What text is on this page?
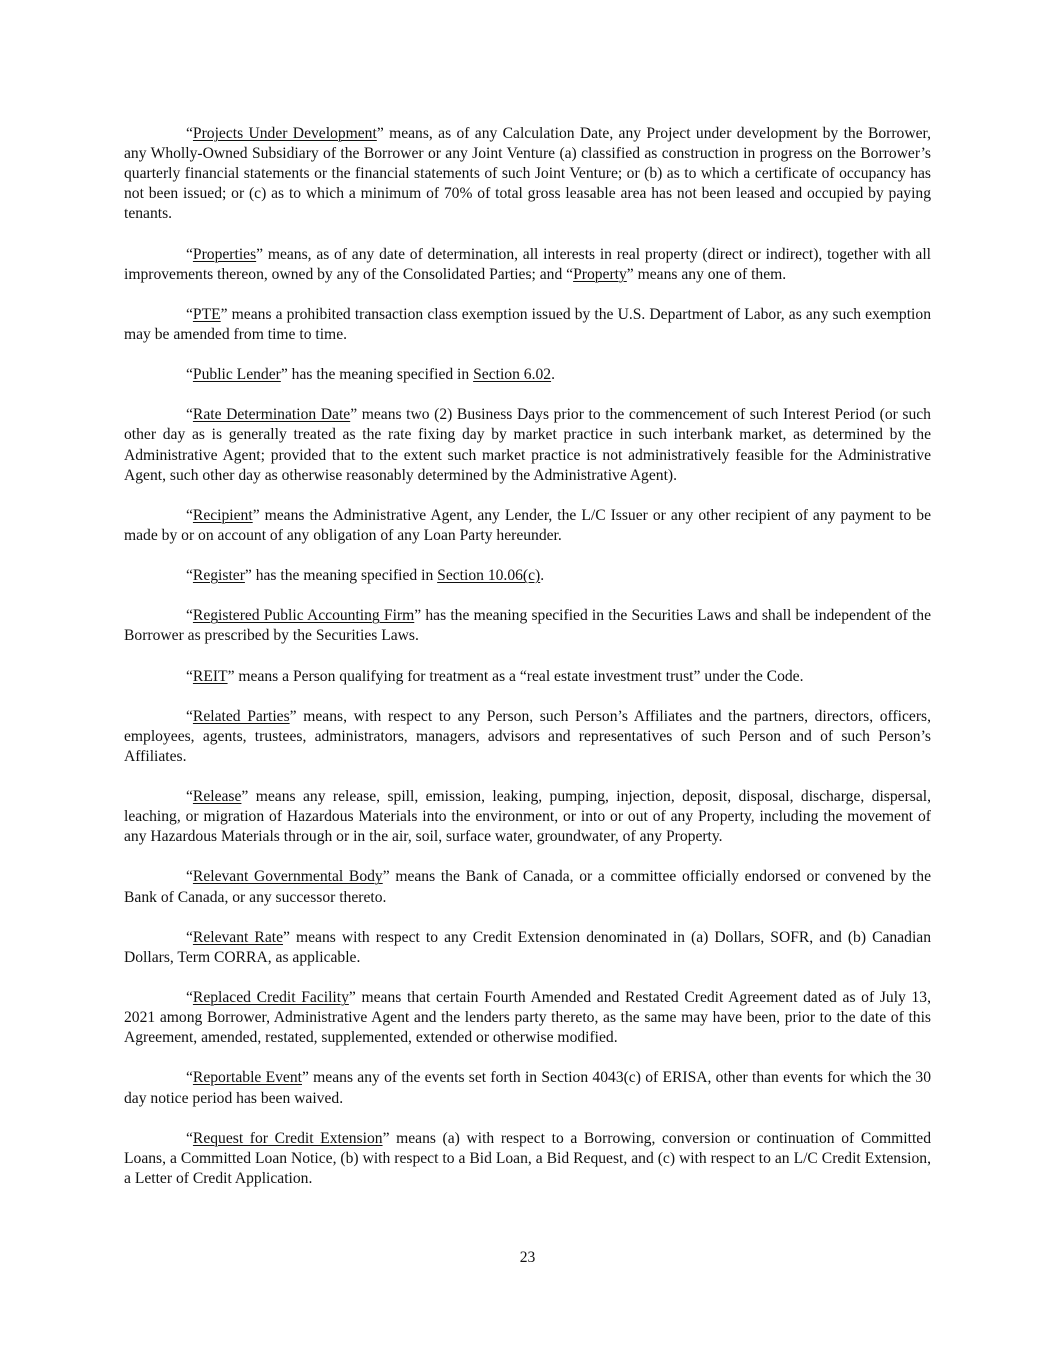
“Projects Under Development” means, as of any Calculation Date, any Project under development by the Borrower, any Wholly-Owned Subsidiary of the Borrower or any Joint Venture (a) classified as construction in progress on the Borrower’s quarterly financial statements or the financial statements of such Joint Venture; or (b) as to which a certificate of occupancy has not been issued; or (c) as to which a minimum of 70% of total gross leasable area has not been leased and occupied by paying tenants.

“Properties” means, as of any date of determination, all interests in real property (direct or indirect), together with all improvements thereon, owned by any of the Consolidated Parties; and “Property” means any one of them.

“PTE” means a prohibited transaction class exemption issued by the U.S. Department of Labor, as any such exemption may be amended from time to time.

“Public Lender” has the meaning specified in Section 6.02.

“Rate Determination Date” means two (2) Business Days prior to the commencement of such Interest Period (or such other day as is generally treated as the rate fixing day by market practice in such interbank market, as determined by the Administrative Agent; provided that to the extent such market practice is not administratively feasible for the Administrative Agent, such other day as otherwise reasonably determined by the Administrative Agent).

“Recipient” means the Administrative Agent, any Lender, the L/C Issuer or any other recipient of any payment to be made by or on account of any obligation of any Loan Party hereunder.

“Register” has the meaning specified in Section 10.06(c).

“Registered Public Accounting Firm” has the meaning specified in the Securities Laws and shall be independent of the Borrower as prescribed by the Securities Laws.

“REIT” means a Person qualifying for treatment as a “real estate investment trust” under the Code.

“Related Parties” means, with respect to any Person, such Person’s Affiliates and the partners, directors, officers, employees, agents, trustees, administrators, managers, advisors and representatives of such Person and of such Person’s Affiliates.

“Release” means any release, spill, emission, leaking, pumping, injection, deposit, disposal, discharge, dispersal, leaching, or migration of Hazardous Materials into the environment, or into or out of any Property, including the movement of any Hazardous Materials through or in the air, soil, surface water, groundwater, of any Property.

“Relevant Governmental Body” means the Bank of Canada, or a committee officially endorsed or convened by the Bank of Canada, or any successor thereto.

“Relevant Rate” means with respect to any Credit Extension denominated in (a) Dollars, SOFR, and (b) Canadian Dollars, Term CORRA, as applicable.

“Replaced Credit Facility” means that certain Fourth Amended and Restated Credit Agreement dated as of July 13, 2021 among Borrower, Administrative Agent and the lenders party thereto, as the same may have been, prior to the date of this Agreement, amended, restated, supplemented, extended or otherwise modified.

“Reportable Event” means any of the events set forth in Section 4043(c) of ERISA, other than events for which the 30 day notice period has been waived.

“Request for Credit Extension” means (a) with respect to a Borrowing, conversion or continuation of Committed Loans, a Committed Loan Notice, (b) with respect to a Bid Loan, a Bid Request, and (c) with respect to an L/C Credit Extension, a Letter of Credit Application.

23
